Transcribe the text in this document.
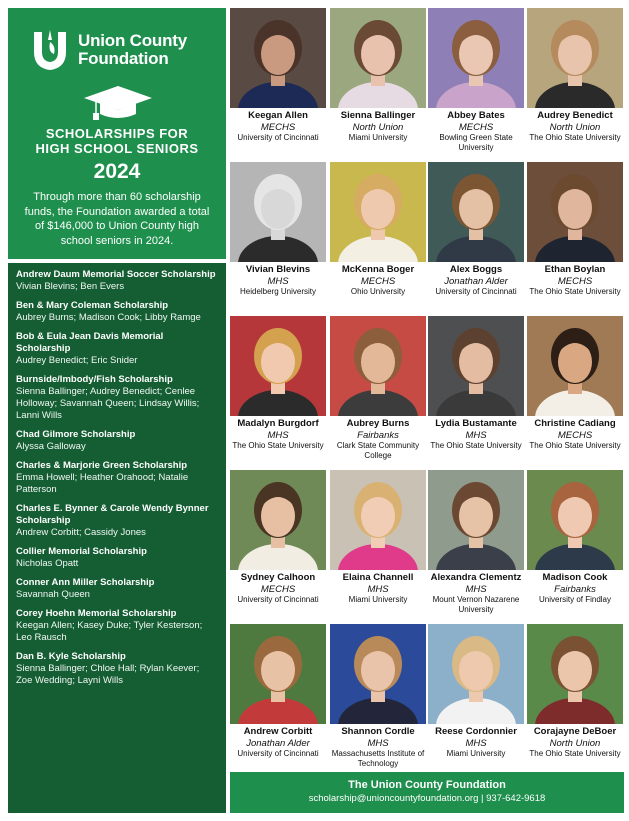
Union County
Foundation
SCHOLARSHIPS FOR
HIGH SCHOOL SENIORS
2024
Through more than 60 scholarship funds, the Foundation awarded a total of $146,000 to Union County high school seniors in 2024.
Andrew Daum Memorial Soccer Scholarship
Vivian Blevins; Ben Evers
Ben & Mary Coleman Scholarship
Aubrey Burns; Madison Cook; Libby Ramge
Bob & Eula Jean Davis Memorial Scholarship
Audrey Benedict; Eric Snider
Burnside/Imbody/Fish Scholarship
Sienna Ballinger; Audrey Benedict; Cenlee Holloway; Savannah Queen; Lindsay Willis; Lanni Wills
Chad Gilmore Scholarship
Alyssa Galloway
Charles & Marjorie Green Scholarship
Emma Howell; Heather Orahood; Natalie Patterson
Charles E. Bynner & Carole Wendy Bynner Scholarship
Andrew Corbitt; Cassidy Jones
Collier Memorial Scholarship
Nicholas Opatt
Conner Ann Miller Scholarship
Savannah Queen
Corey Hoehn Memorial Scholarship
Keegan Allen; Kasey Duke; Tyler Kesterson; Leo Rausch
Dan B. Kyle Scholarship
Sienna Ballinger; Chloe Hall; Rylan Keever; Zoe Wedding; Layni Wills
Keegan Allen
MECHS
University of Cincinnati
Sienna Ballinger
North Union
Miami University
Abbey Bates
MECHS
Bowling Green State University
Audrey Benedict
North Union
The Ohio State University
Vivian Blevins
MHS
Heidelberg University
McKenna Boger
MECHS
Ohio University
Alex Boggs
Jonathan Alder
University of Cincinnati
Ethan Boylan
MECHS
The Ohio State University
Madalyn Burgdorf
MHS
The Ohio State University
Aubrey Burns
Fairbanks
Clark State Community College
Lydia Bustamante
MHS
The Ohio State University
Christine Cadiang
MECHS
The Ohio State University
Sydney Calhoon
MECHS
University of Cincinnati
Elaina Channell
MHS
Miami University
Alexandra Clementz
MHS
Mount Vernon Nazarene University
Madison Cook
Fairbanks
University of Findlay
Andrew Corbitt
Jonathan Alder
University of Cincinnati
Shannon Cordle
MHS
Massachusetts Institute of Technology
Reese Cordonnier
MHS
Miami University
Corajayne DeBoer
North Union
The Ohio State University
The Union County Foundation
scholarship@unioncountyfoundation.org | 937-642-9618
